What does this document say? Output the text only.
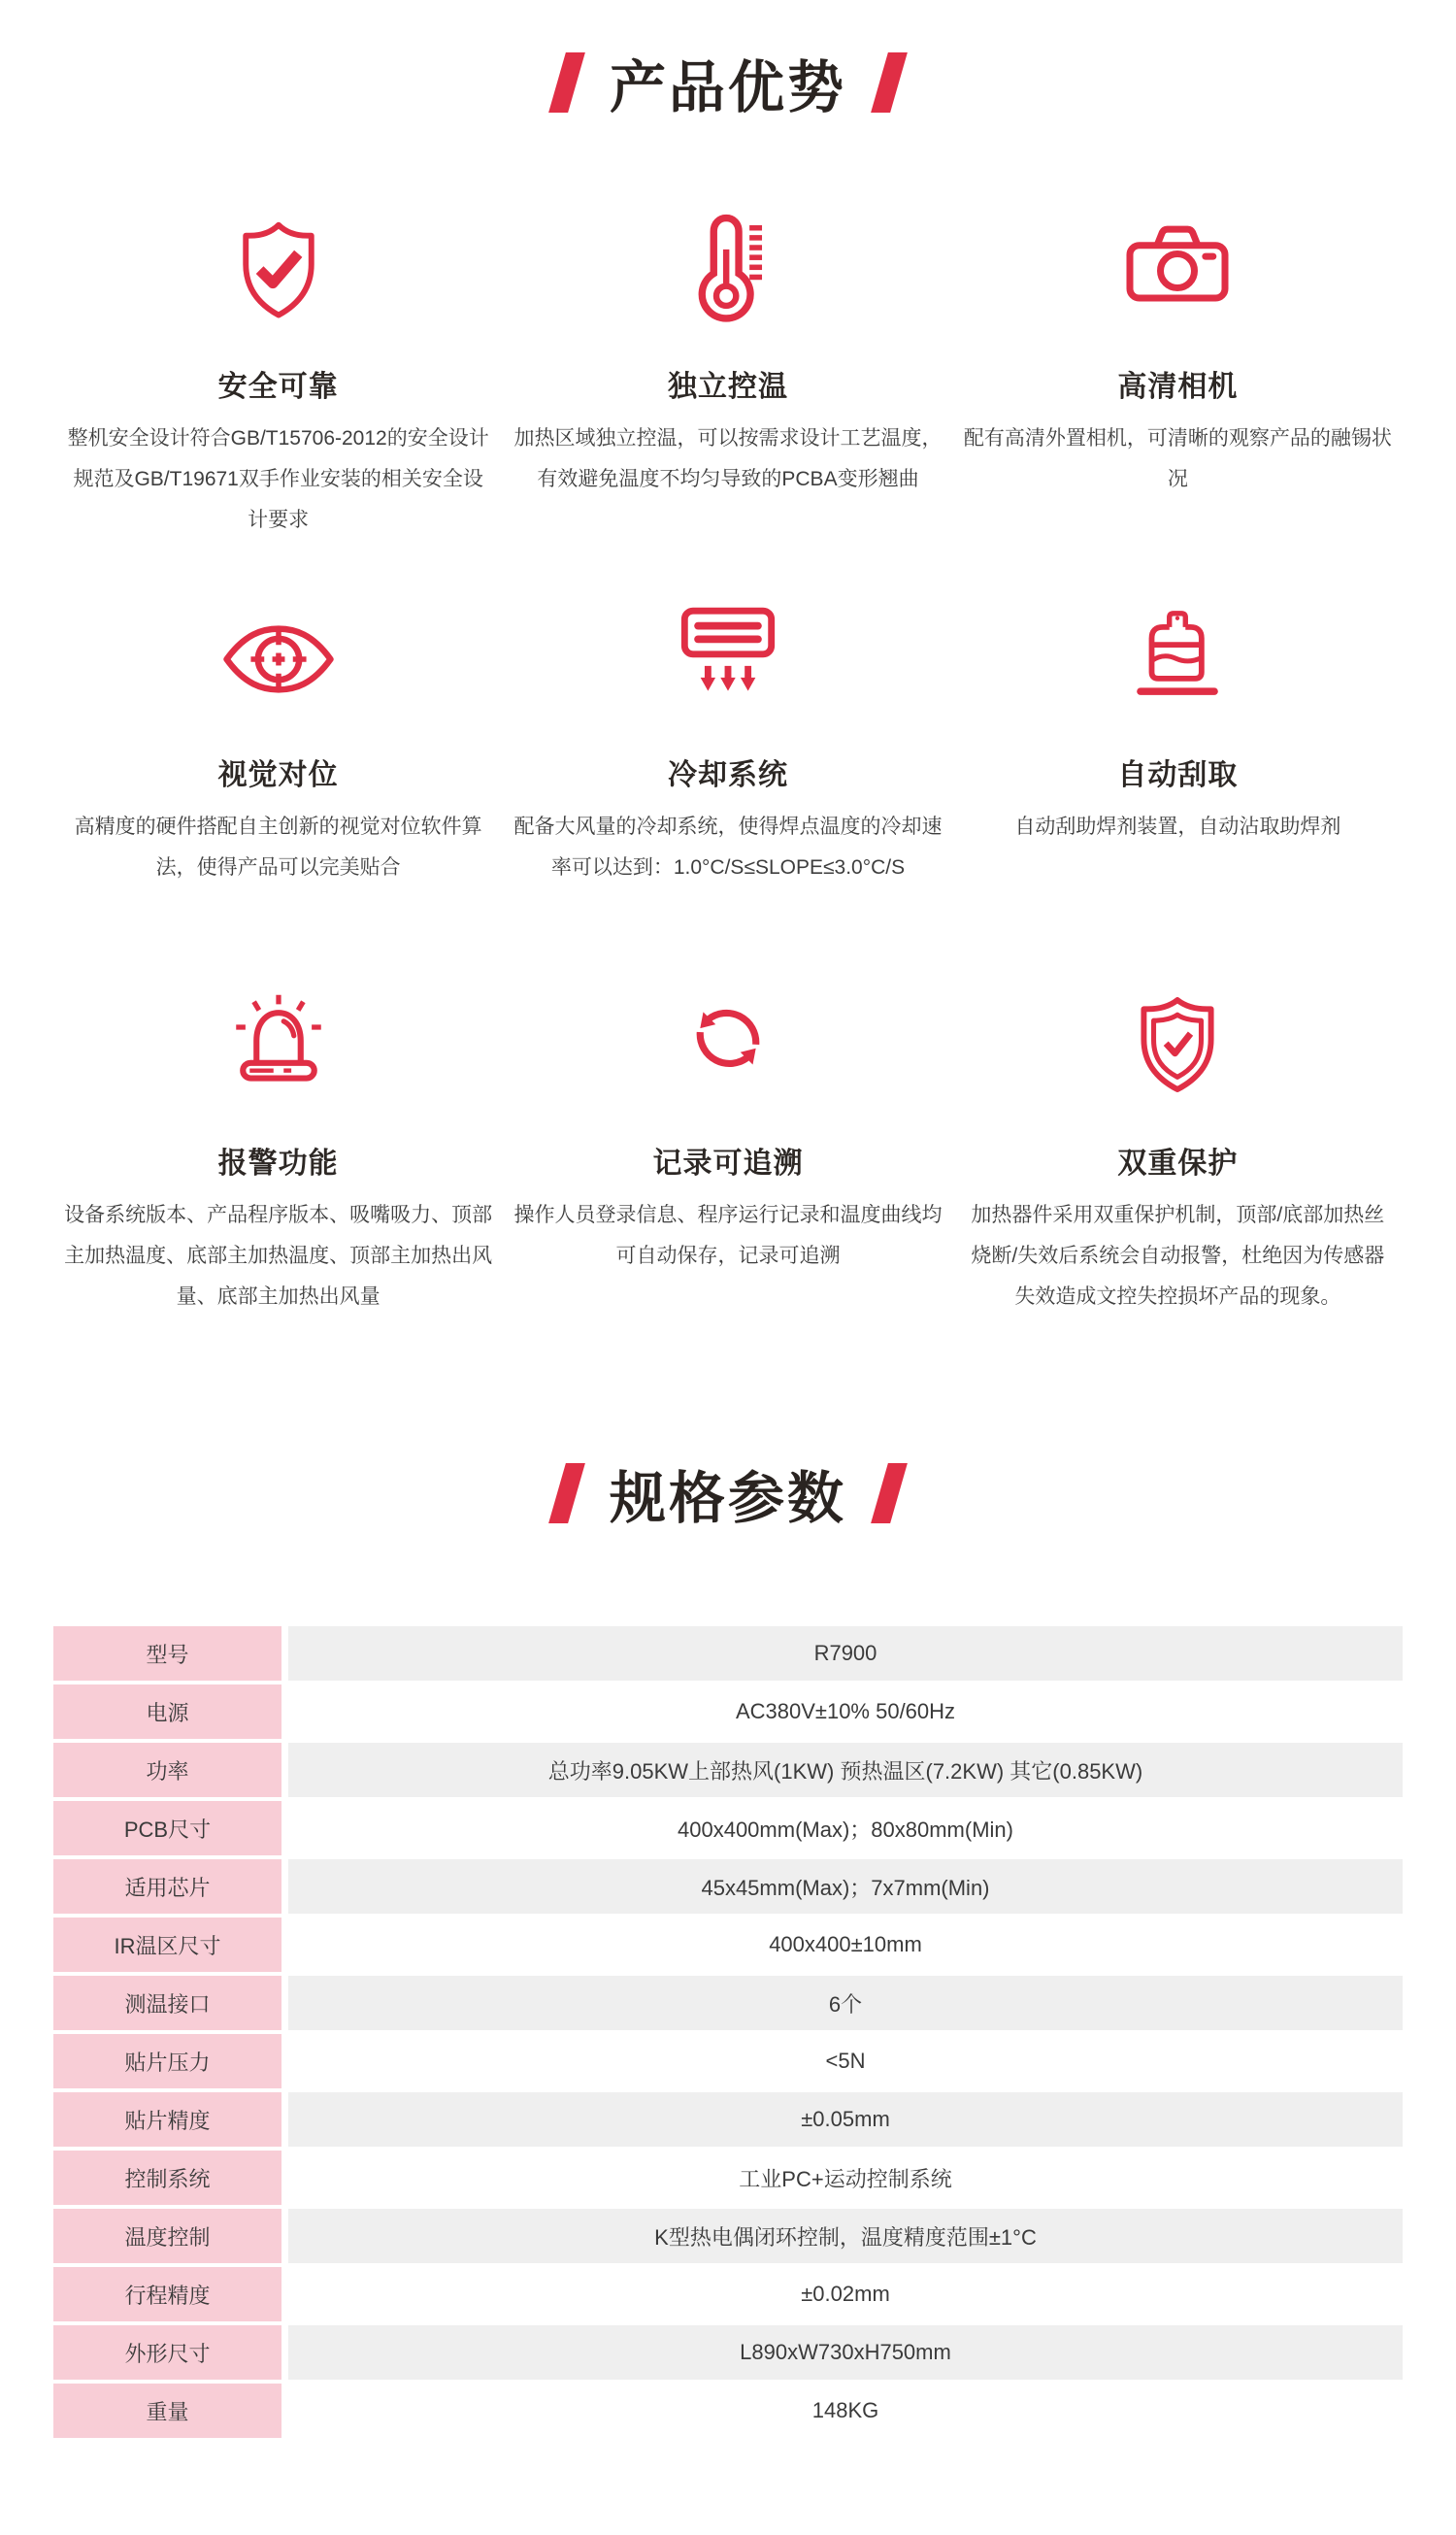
产品优势
安全可靠

整机安全设计符合GB/T15706-2012的安全设计规范及GB/T19671双手作业安装的相关安全设计要求

独立控温

加热区域独立控温，可以按需求设计工艺温度，有效避免温度不均匀导致的PCBA变形翘曲

高清相机

配有高清外置相机，可清晰的观察产品的融锡状况

视觉对位

高精度的硬件搭配自主创新的视觉对位软件算法，使得产品可以完美贴合

冷却系统

配备大风量的冷却系统，使得焊点温度的冷却速率可以达到：1.0°C/S≤SLOPE≤3.0°C/S

自动刮取

自动刮助焊剂装置，自动沾取助焊剂

报警功能

设备系统版本、产品程序版本、吸嘴吸力、顶部主加热温度、底部主加热温度、顶部主加热出风量、底部主加热出风量

记录可追溯

操作人员登录信息、程序运行记录和温度曲线均可自动保存，记录可追溯

双重保护

加热器件采用双重保护机制，顶部/底部加热丝烧断/失效后系统会自动报警，杜绝因为传感器失效造成文控失控损坏产品的现象。

规格参数
型号	R7900
电源	AC380V±10% 50/60Hz
功率	总功率9.05KW上部热风(1KW) 预热温区(7.2KW) 其它(0.85KW)
PCB尺寸	400x400mm(Max)；80x80mm(Min)
适用芯片	45x45mm(Max)；7x7mm(Min)
IR温区尺寸	400x400±10mm
测温接口	6个
贴片压力	<5N
贴片精度	±0.05mm
控制系统	工业PC+运动控制系统
温度控制	K型热电偶闭环控制，温度精度范围±1°C
行程精度	±0.02mm
外形尺寸	L890xW730xH750mm
重量	148KG
